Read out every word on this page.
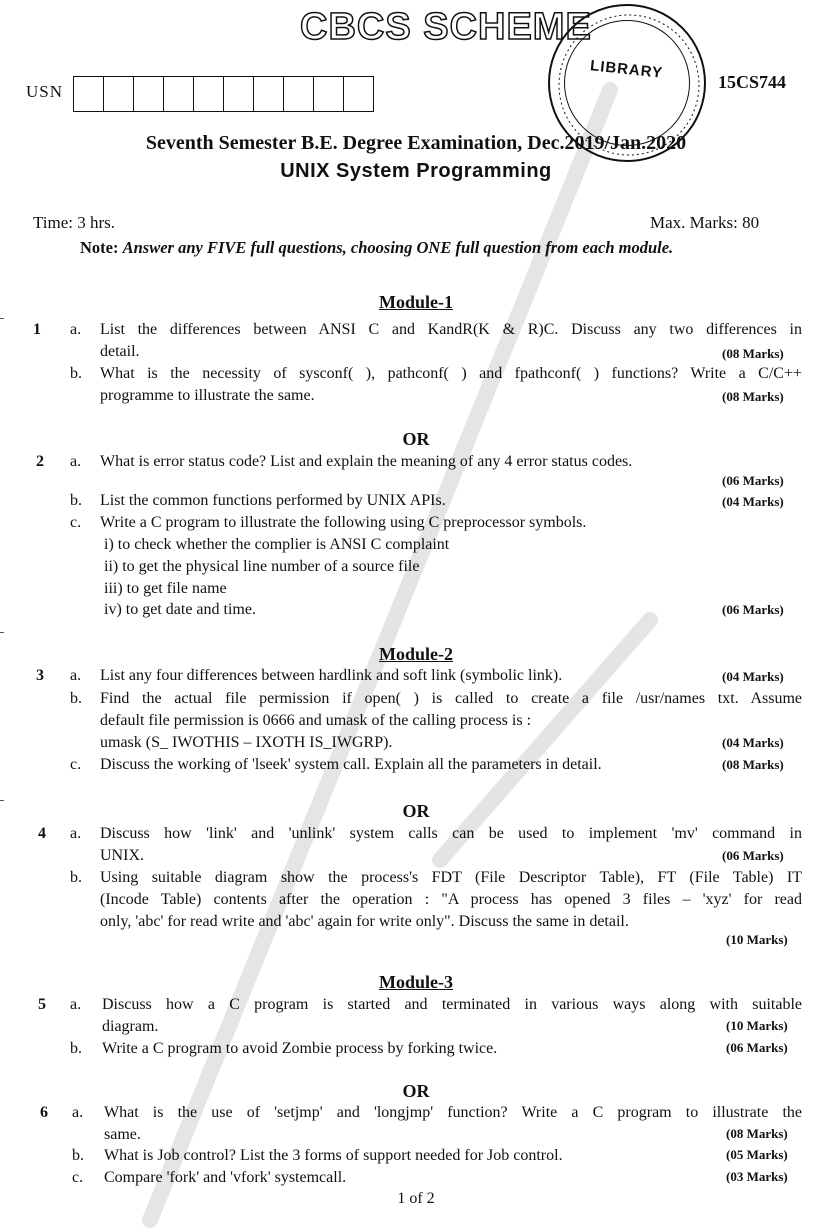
CBCS SCHEME
LIBRARY
USN	15CS744
Seventh Semester B.E. Degree Examination, Dec.2019/Jan.2020
UNIX System Programming
Time: 3 hrs.	Max. Marks: 80
Note: Answer any FIVE full questions, choosing ONE full question from each module.
Module-1
1 a. List the differences between ANSI C and KandR(K & R)C. Discuss any two differences in
detail.	(08 Marks)
b. What is the necessity of sysconf( ), pathconf( ) and fpathconf( ) functions? Write a C/C++
programme to illustrate the same.	(08 Marks)
OR
2 a. What is error status code? List and explain the meaning of any 4 error status codes.
(06 Marks)
b. List the common functions performed by UNIX APIs.	(04 Marks)
c. Write a C program to illustrate the following using C preprocessor symbols.
i) to check whether the complier is ANSI C complaint
ii) to get the physical line number of a source file
iii) to get file name
iv) to get date and time.	(06 Marks)
Module-2
3 a. List any four differences between hardlink and soft link (symbolic link).	(04 Marks)
b. Find the actual file permission if open( ) is called to create a file /usr/names txt. Assume
default file permission is 0666 and umask of the calling process is :
umask (S_ IWOTHIS – IXOTH IS_IWGRP).	(04 Marks)
c. Discuss the working of 'lseek' system call. Explain all the parameters in detail.	(08 Marks)
OR
4 a. Discuss how 'link' and 'unlink' system calls can be used to implement 'mv' command in
UNIX.	(06 Marks)
b. Using suitable diagram show the process's FDT (File Descriptor Table), FT (File Table) IT
(Incode Table) contents after the operation : "A process has opened 3 files – 'xyz' for read
only, 'abc' for read write and 'abc' again for write only". Discuss the same in detail.
(10 Marks)
Module-3
5 a. Discuss how a C program is started and terminated in various ways along with suitable
diagram.	(10 Marks)
b. Write a C program to avoid Zombie process by forking twice.	(06 Marks)
OR
6 a. What is the use of 'setjmp' and 'longjmp' function? Write a C program to illustrate the
same.	(08 Marks)
b. What is Job control? List the 3 forms of support needed for Job control.	(05 Marks)
c. Compare 'fork' and 'vfork' systemcall.	(03 Marks)
1 of 2
